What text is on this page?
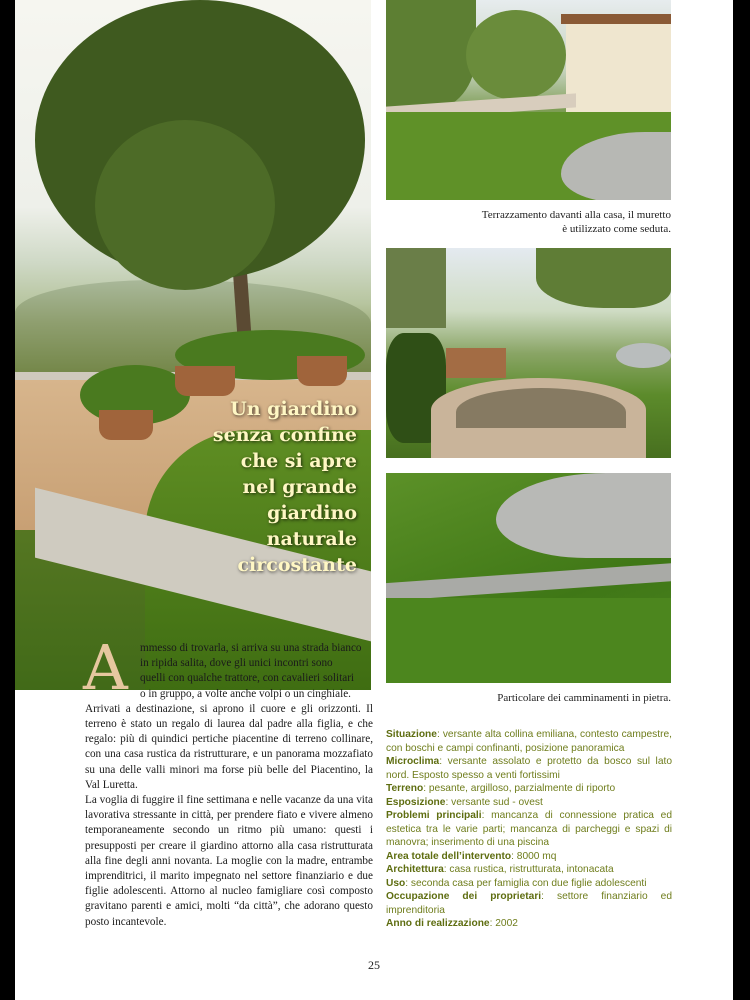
Un giardino
senza confine
che si apre
nel grande
giardino
naturale
circostante
Terrazzamento davanti alla casa, il muretto
è utilizzato come seduta.
Particolare dei camminamenti in pietra.
A	mmesso di trovarla, si arriva su una strada bianco
in ripida salita, dove gli unici incontri sono
quelli con qualche trattore, con cavalieri solitari
o in gruppo, a volte anche volpi o un cinghiale.

Arrivati a destinazione, si aprono il cuore e gli orizzonti. Il terreno è stato un regalo di laurea dal padre alla figlia, e che regalo: più di quindici pertiche piacentine di terreno collinare, con una casa rustica da ristrutturare, e un panorama mozzafiato su una delle valli minori ma forse più belle del Piacentino, la Val Luretta.

La voglia di fuggire il fine settimana e nelle vacanze da una vita lavorativa stressante in città, per prendere fiato e vivere almeno temporaneamente secondo un ritmo più umano: questi i presupposti per creare il giardino attorno alla casa ristrutturata alla fine degli anni novanta. La moglie con la madre, entrambe imprenditrici, il marito impegnato nel settore finanziario e due figlie adolescenti. Attorno al nucleo famigliare così composto gravitano parenti e amici, molti “da città”, che adorano questo posto incantevole.

Situazione: versante alta collina emiliana, contesto campestre, con boschi e campi confinanti, posizione panoramica

Microclima: versante assolato e protetto da bosco sul lato nord. Esposto spesso a venti fortissimi

Terreno: pesante, argilloso, parzialmente di riporto

Esposizione: versante sud - ovest

Problemi principali: mancanza di connessione pratica ed estetica tra le varie parti; mancanza di parcheggi e spazi di manovra; inserimento di una piscina

Area totale dell’intervento: 8000 mq

Architettura: casa rustica, ristrutturata, intonacata

Uso: seconda casa per famiglia con due figlie adolescenti

Occupazione dei proprietari: settore finanziario ed imprenditoria

Anno di realizzazione: 2002

25
